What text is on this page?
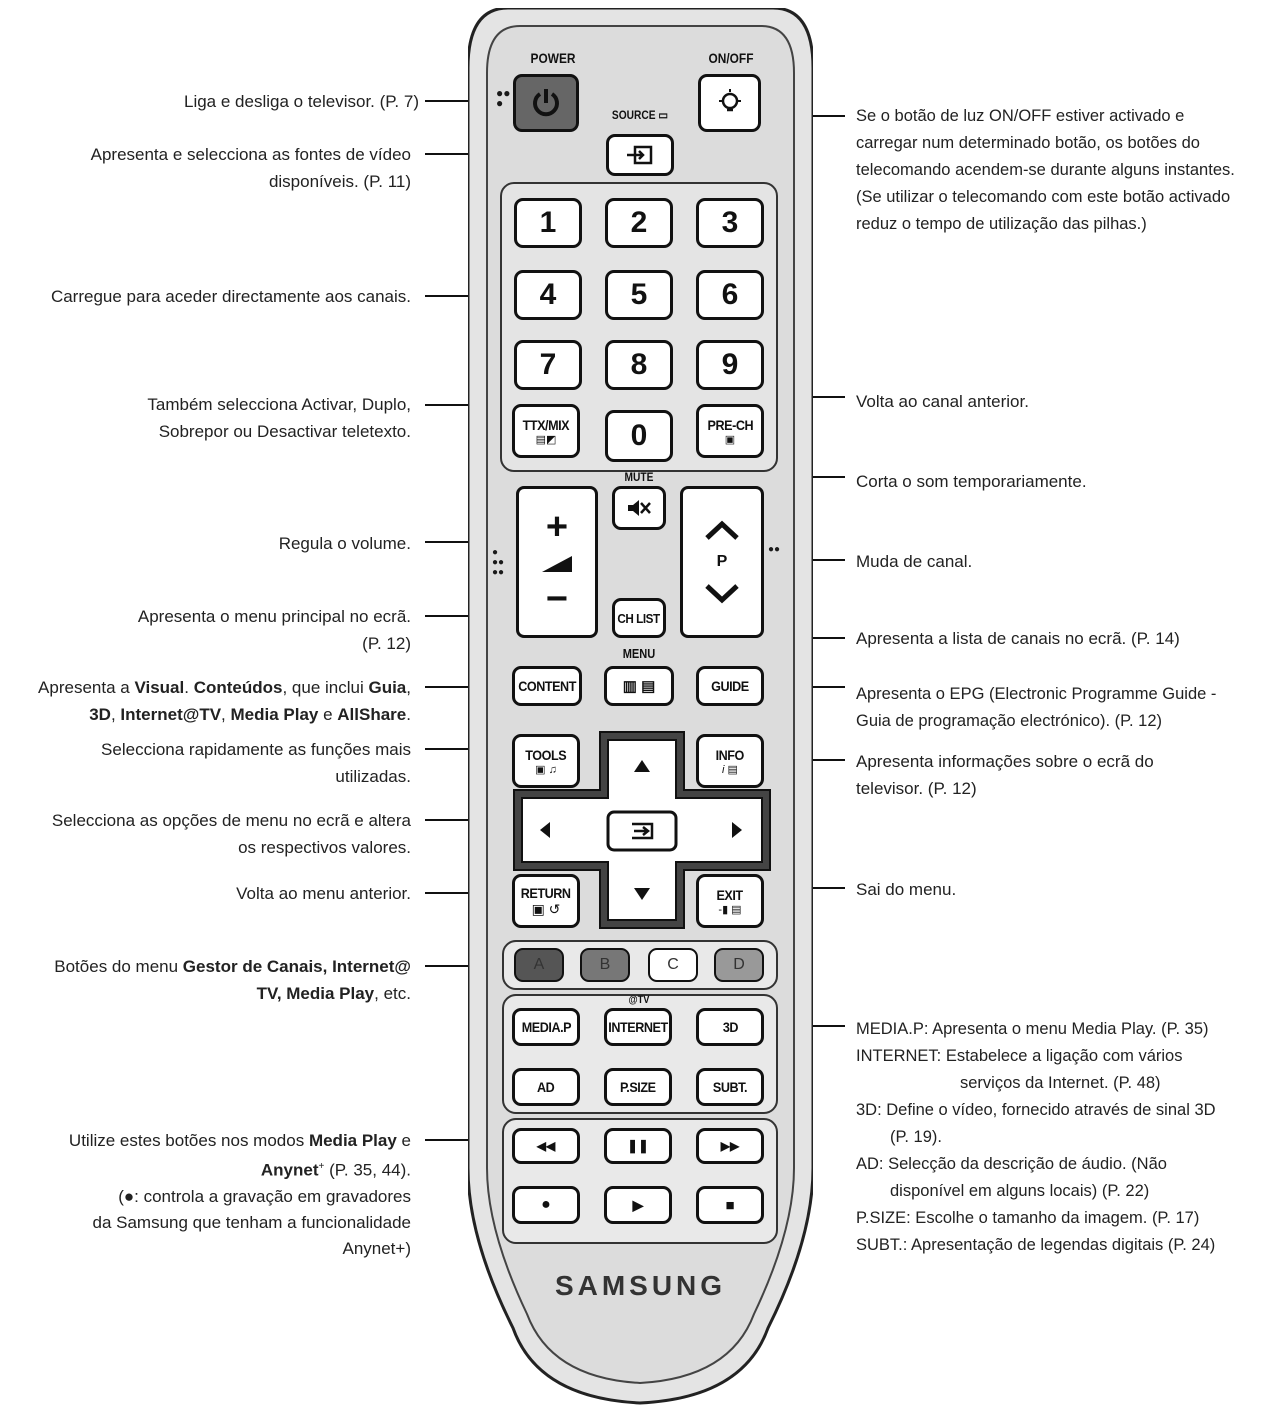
Liga e desliga o televisor. (P. 7)
Apresenta e selecciona as fontes de vídeo
disponíveis. (P. 11)
Carregue para aceder directamente aos canais.
Também selecciona Activar, Duplo,
Sobrepor ou Desactivar teletexto.
Regula o volume.
Apresenta o menu principal no ecrã.
(P. 12)
Apresenta a Visual. Conteúdos, que inclui Guia,
3D, Internet@TV, Media Play e AllShare.
Selecciona rapidamente as funções mais
utilizadas.
Selecciona as opções de menu no ecrã e altera
os respectivos valores.
Volta ao menu anterior.
Botões do menu Gestor de Canais, Internet@
TV, Media Play, etc.
Utilize estes botões nos modos Media Play e
Anynet+ (P. 35, 44).
(●: controla a gravação em gravadores
da Samsung que tenham a funcionalidade
Anynet+)
Se o botão de luz ON/OFF estiver activado e
carregar num determinado botão, os botões do
telecomando acendem-se durante alguns instantes.
(Se utilizar o telecomando com este botão activado
reduz o tempo de utilização das pilhas.)
Volta ao canal anterior.
Corta o som temporariamente.
Muda de canal.
Apresenta a lista de canais no ecrã. (P. 14)
Apresenta o EPG (Electronic Programme Guide -
Guia de programação electrónico). (P. 12)
Apresenta informações sobre o ecrã do
televisor. (P. 12)
Sai do menu.
MEDIA.P: Apresenta o menu Media Play. (P. 35)
INTERNET: Estabelece a ligação com vários
serviços da Internet. (P. 48)
3D: Define o vídeo, fornecido através de sinal 3D
(P. 19).
AD: Selecção da descrição de áudio. (Não
disponível em alguns locais) (P. 22)
P.SIZE: Escolhe o tamanho da imagem. (P. 17)
SUBT.: Apresentação de legendas digitais (P. 24)
POWER
●●
●
ON/OFF
SOURCE ▭
1	2	3
4	5	6
7	8	9
0
TTX/MIX
▤◩
PRE-CH
▣
MUTE
+
−
●
●●
●●
P
●●
CH LIST
MENU
▥ ▤
CONTENT	GUIDE
TOOLS
▣ ♫
INFO
i ▤
RETURN
▣ ↺
EXIT
-▮ ▤
A	B	C	D
@TV
MEDIA.P	INTERNET	3D
AD	P.SIZE	SUBT.
◀◀	❚❚	▶▶
●	▶	■
SAMSUNG
